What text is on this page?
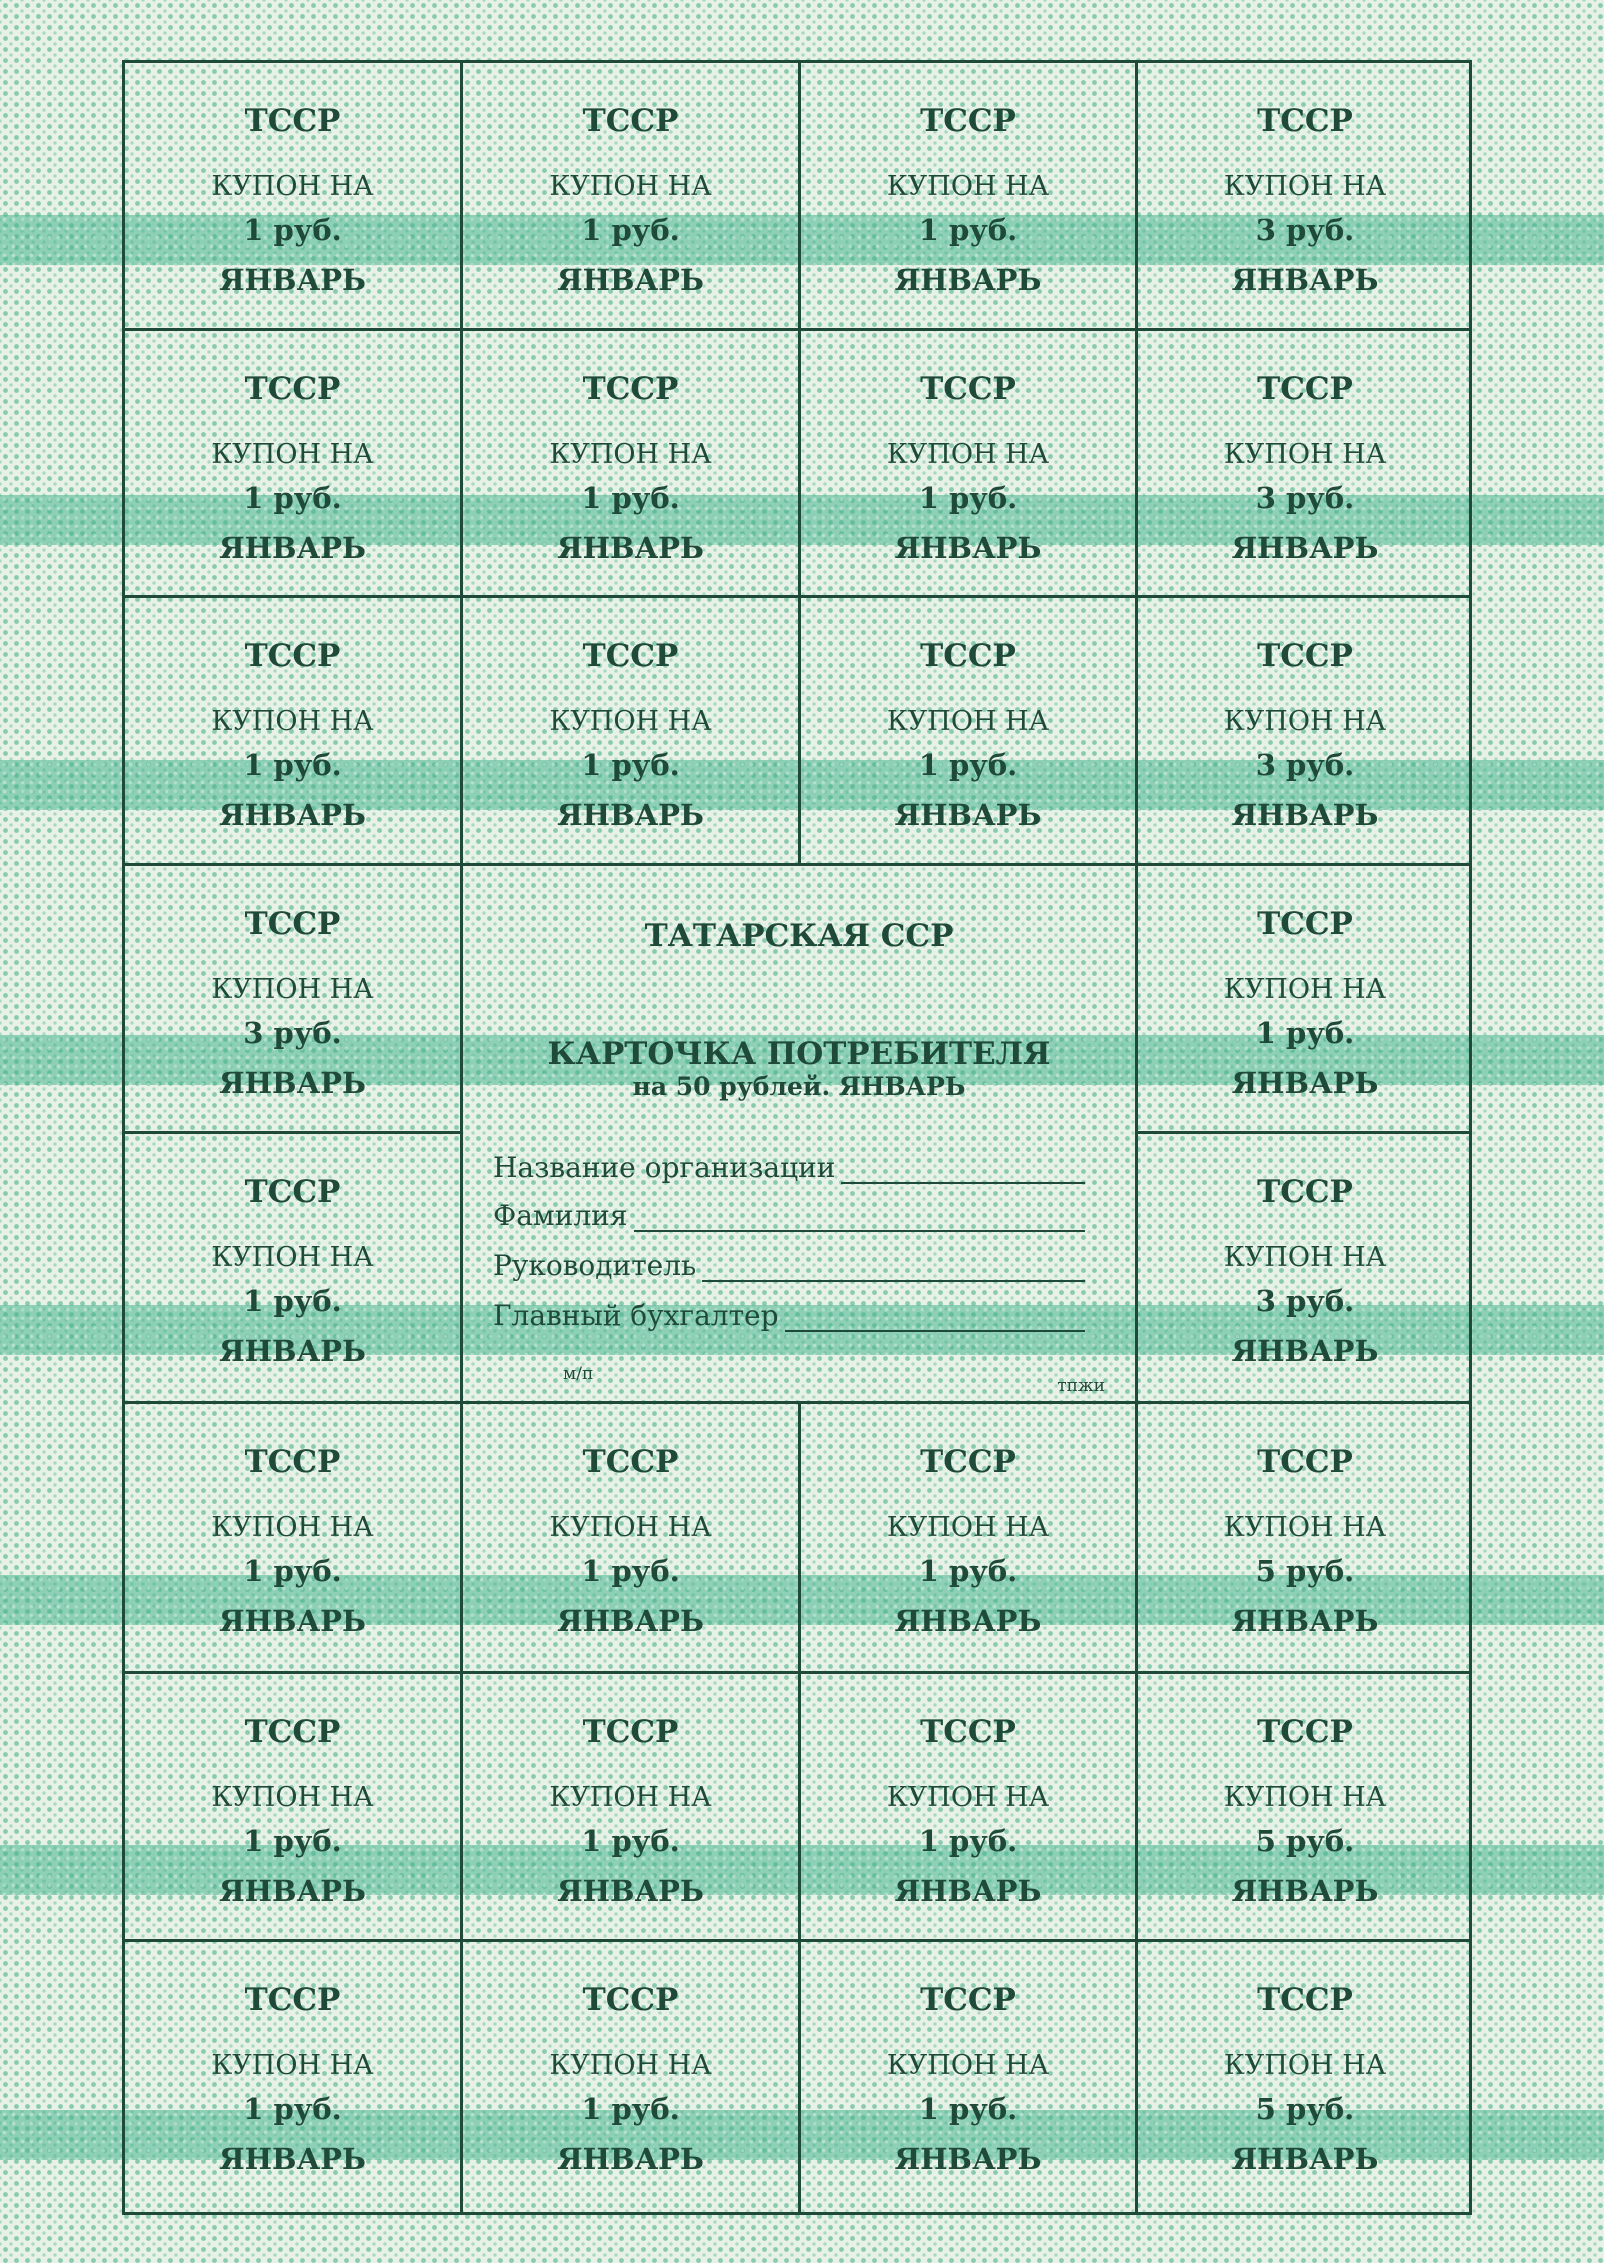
ТССР
КУПОН НА
1 руб.
ЯНВАРЬ
ТССР
КУПОН НА
1 руб.
ЯНВАРЬ
ТССР
КУПОН НА
1 руб.
ЯНВАРЬ
ТССР
КУПОН НА
3 руб.
ЯНВАРЬ
ТССР
КУПОН НА
1 руб.
ЯНВАРЬ
ТССР
КУПОН НА
1 руб.
ЯНВАРЬ
ТССР
КУПОН НА
1 руб.
ЯНВАРЬ
ТССР
КУПОН НА
3 руб.
ЯНВАРЬ
ТССР
КУПОН НА
1 руб.
ЯНВАРЬ
ТССР
КУПОН НА
1 руб.
ЯНВАРЬ
ТССР
КУПОН НА
1 руб.
ЯНВАРЬ
ТССР
КУПОН НА
3 руб.
ЯНВАРЬ
ТССР
КУПОН НА
3 руб.
ЯНВАРЬ
ТССР
КУПОН НА
1 руб.
ЯНВАРЬ
ТССР
КУПОН НА
1 руб.
ЯНВАРЬ
ТССР
КУПОН НА
3 руб.
ЯНВАРЬ
ТАТАРСКАЯ ССР
КАРТОЧКА ПОТРЕБИТЕЛЯ
на 50 рублей. ЯНВАРЬ
Название организации
Фамилия
Руководитель
Главный бухгалтер
м/п
тпжи
ТССР
КУПОН НА
1 руб.
ЯНВАРЬ
ТССР
КУПОН НА
1 руб.
ЯНВАРЬ
ТССР
КУПОН НА
1 руб.
ЯНВАРЬ
ТССР
КУПОН НА
5 руб.
ЯНВАРЬ
ТССР
КУПОН НА
1 руб.
ЯНВАРЬ
ТССР
КУПОН НА
1 руб.
ЯНВАРЬ
ТССР
КУПОН НА
1 руб.
ЯНВАРЬ
ТССР
КУПОН НА
5 руб.
ЯНВАРЬ
ТССР
КУПОН НА
1 руб.
ЯНВАРЬ
ТССР
КУПОН НА
1 руб.
ЯНВАРЬ
ТССР
КУПОН НА
1 руб.
ЯНВАРЬ
ТССР
КУПОН НА
5 руб.
ЯНВАРЬ
